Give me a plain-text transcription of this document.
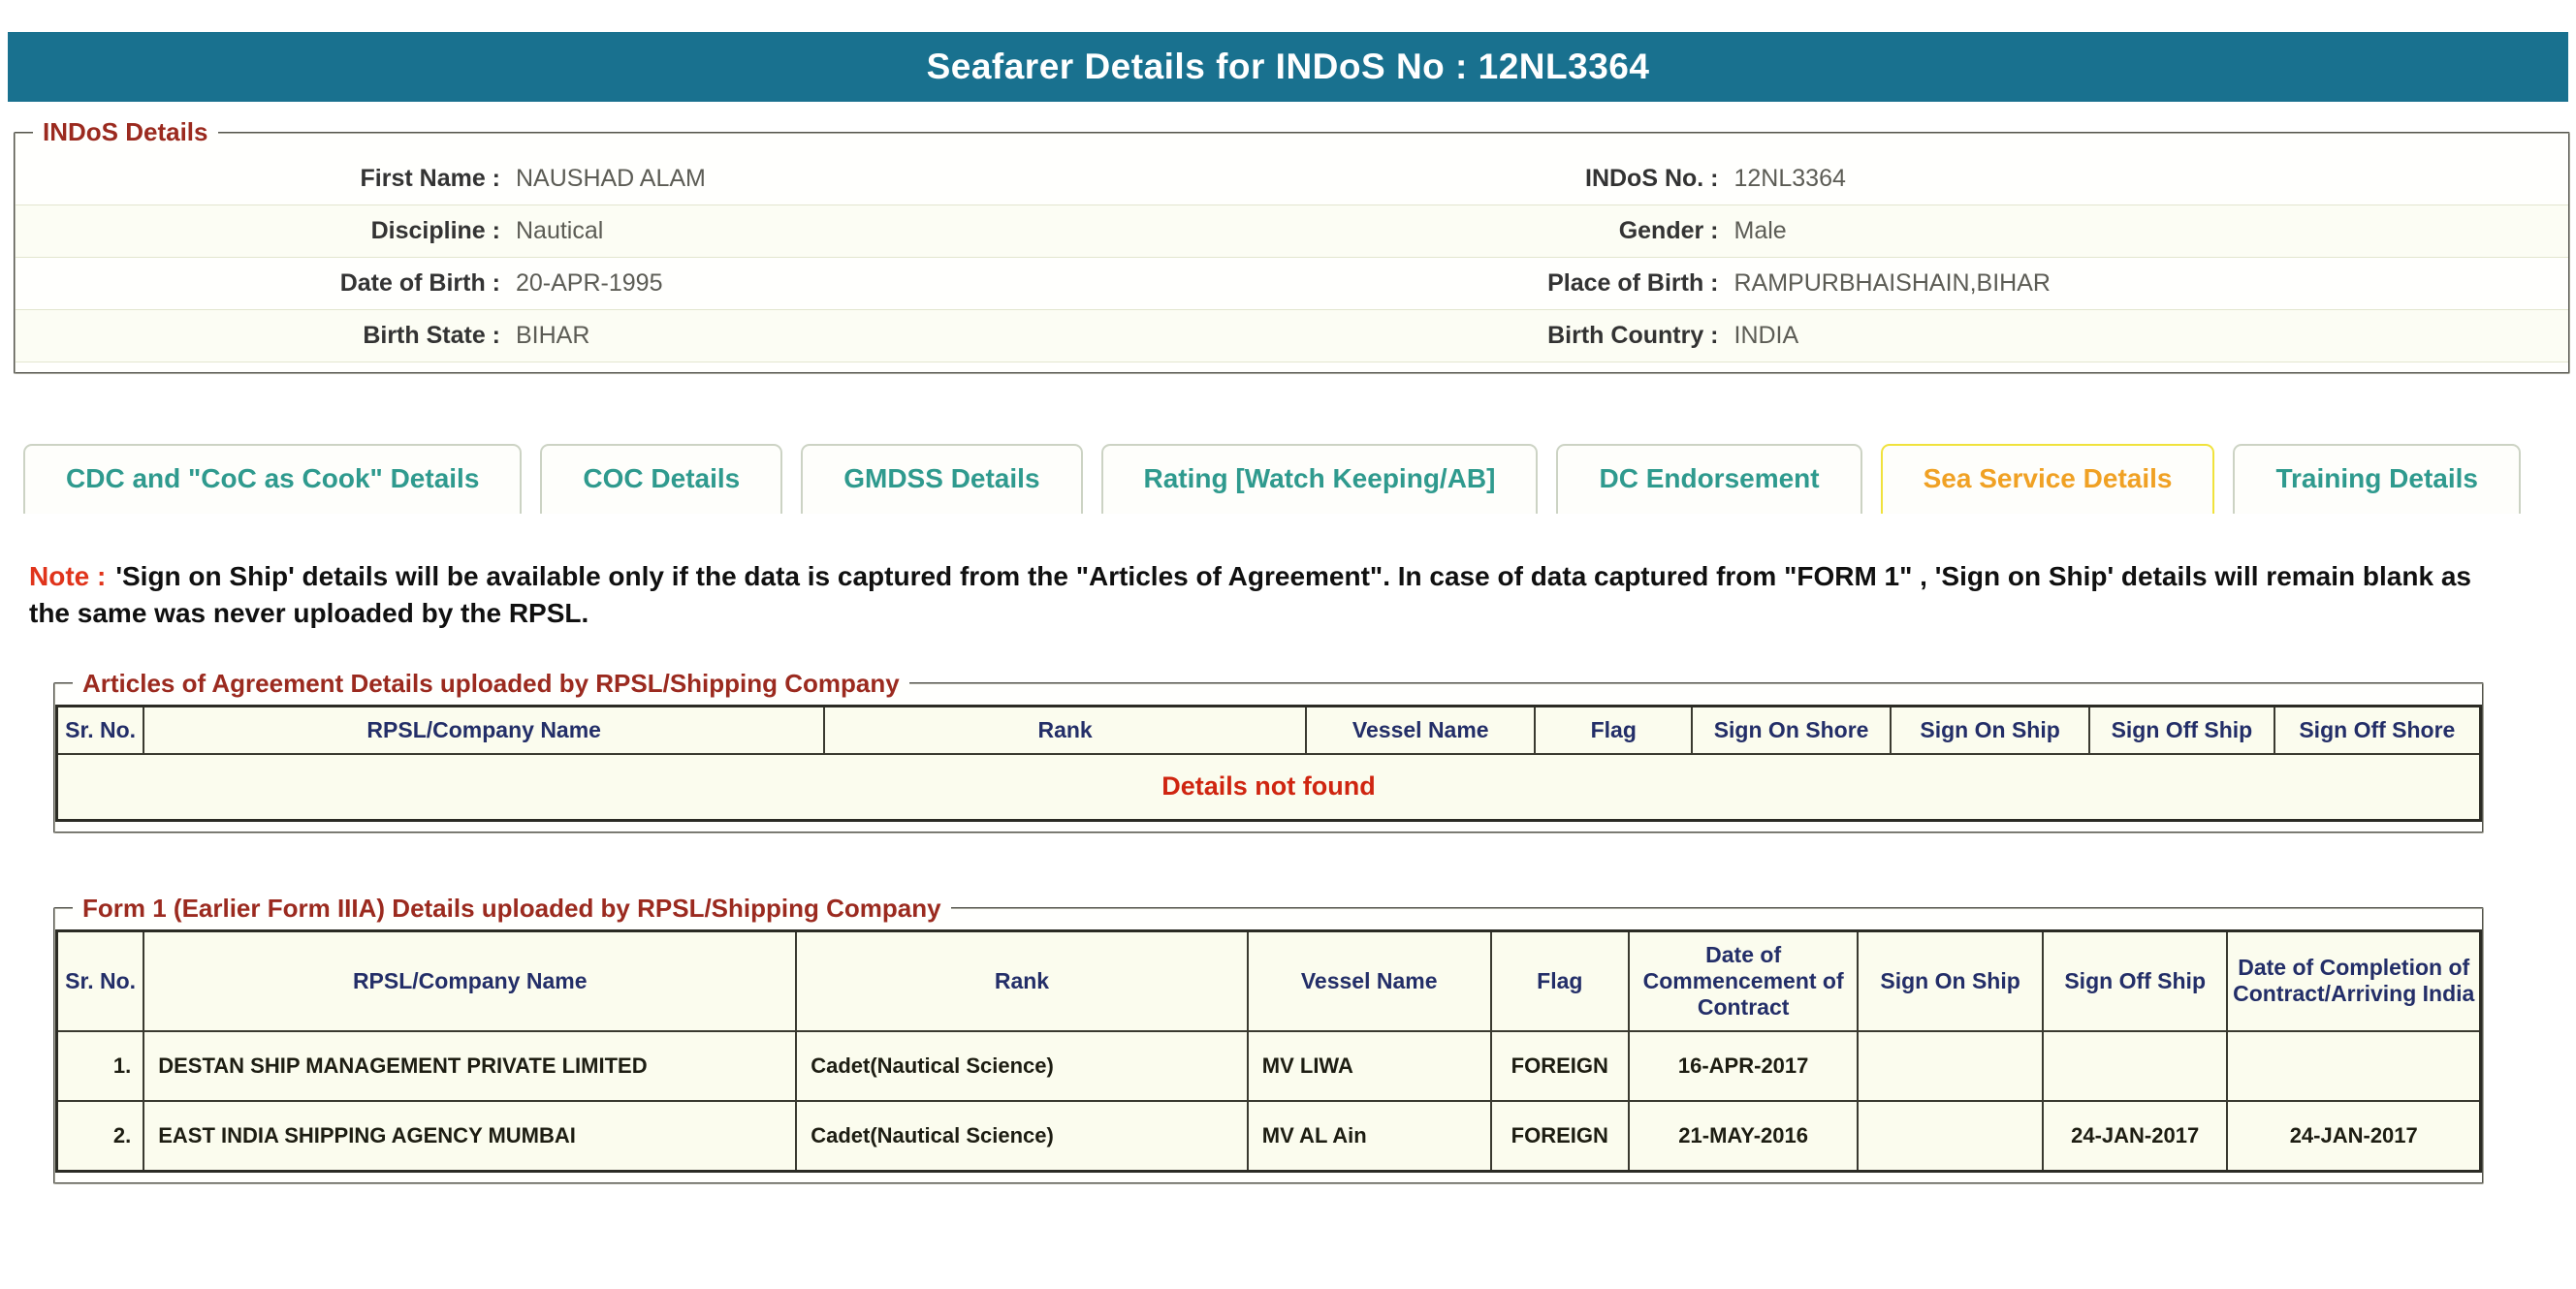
Seafarer Details for INDoS No : 12NL3364
INDoS Details
First Name : NAUSHAD ALAM	INDoS No. : 12NL3364
Discipline : Nautical	Gender : Male
Date of Birth : 20-APR-1995	Place of Birth : RAMPURBHAISHAIN,BIHAR
Birth State : BIHAR	Birth Country : INDIA
CDC and "CoC as Cook" Details	COC Details	GMDSS Details	Rating [Watch Keeping/AB]	DC Endorsement	Sea Service Details	Training Details

Note : 'Sign on Ship' details will be available only if the data is captured from the "Articles of Agreement". In case of data captured from "FORM 1" , 'Sign on Ship' details will remain blank as the same was never uploaded by the RPSL.

Articles of Agreement Details uploaded by RPSL/Shipping Company
Sr. No.	RPSL/Company Name	Rank	Vessel Name	Flag	Sign On Shore	Sign On Ship	Sign Off Ship	Sign Off Shore
Details not found
Form 1 (Earlier Form IIIA) Details uploaded by RPSL/Shipping Company
Sr. No.	RPSL/Company Name	Rank	Vessel Name	Flag	Date of Commencement of Contract	Sign On Ship	Sign Off Ship	Date of Completion of Contract/Arriving India
1.	DESTAN SHIP MANAGEMENT PRIVATE LIMITED	Cadet(Nautical Science)	MV LIWA	FOREIGN	16-APR-2017			
2.	EAST INDIA SHIPPING AGENCY MUMBAI	Cadet(Nautical Science)	MV AL Ain	FOREIGN	21-MAY-2016		24-JAN-2017	24-JAN-2017
